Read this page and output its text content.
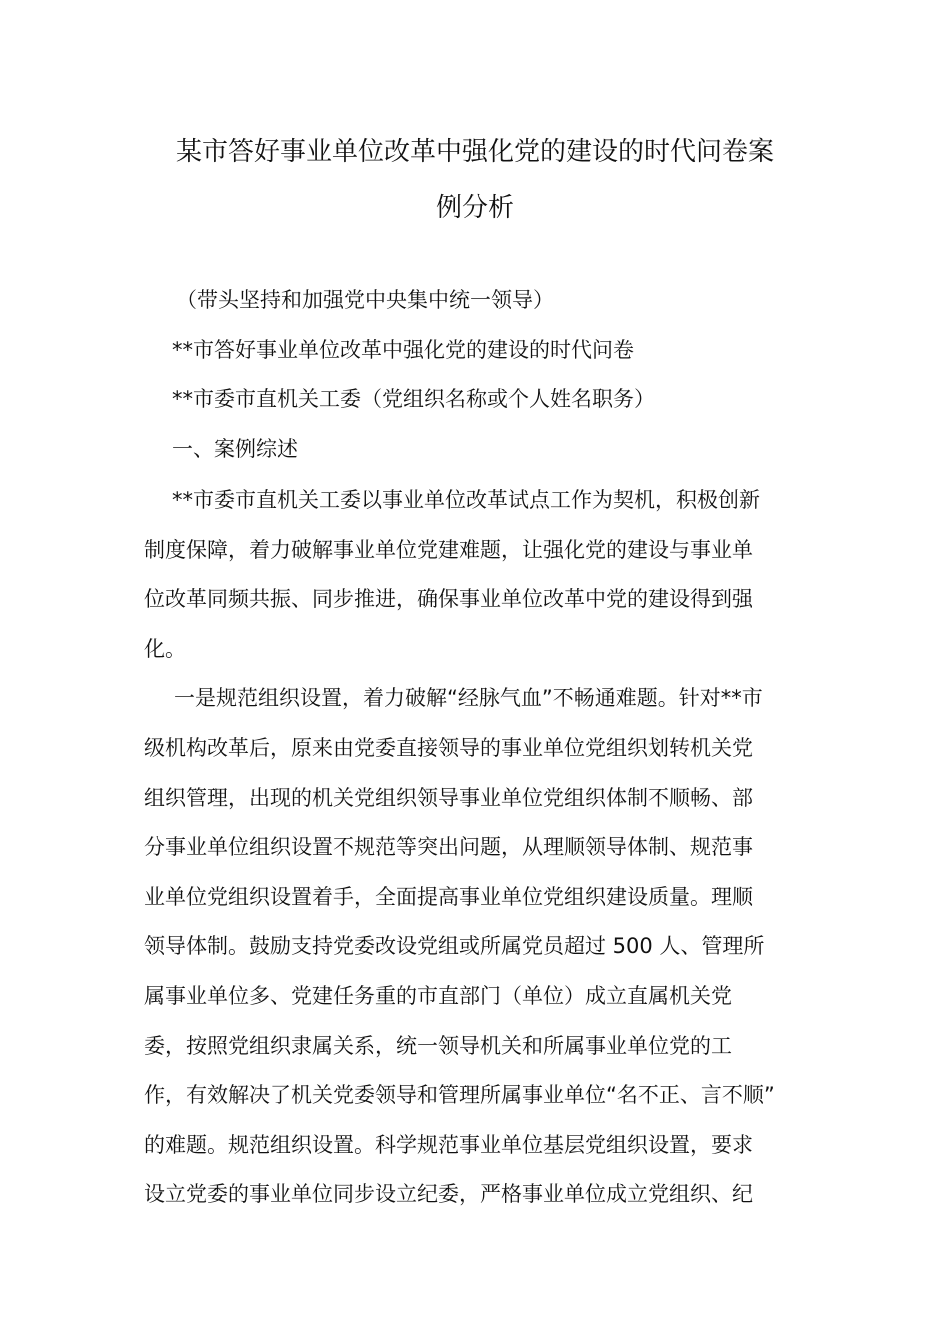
某市答好事业单位改革中强化党的建设的时代问卷案
例分析
（带头坚持和加强党中央集中统一领导）
**市答好事业单位改革中强化党的建设的时代问卷
**市委市直机关工委（党组织名称或个人姓名职务）
一、案例综述
**市委市直机关工委以事业单位改革试点工作为契机，积极创新
制度保障，着力破解事业单位党建难题，让强化党的建设与事业单
位改革同频共振、同步推进，确保事业单位改革中党的建设得到强
化。
一是规范组织设置，着力破解“经脉气血”不畅通难题。针对**市
级机构改革后，原来由党委直接领导的事业单位党组织划转机关党
组织管理，出现的机关党组织领导事业单位党组织体制不顺畅、部
分事业单位组织设置不规范等突出问题，从理顺领导体制、规范事
业单位党组织设置着手，全面提高事业单位党组织建设质量。理顺
领导体制。鼓励支持党委改设党组或所属党员超过 500 人、管理所
属事业单位多、党建任务重的市直部门（单位）成立直属机关党
委，按照党组织隶属关系，统一领导机关和所属事业单位党的工
作，有效解决了机关党委领导和管理所属事业单位“名不正、言不顺”
的难题。规范组织设置。科学规范事业单位基层党组织设置，要求
设立党委的事业单位同步设立纪委，严格事业单位成立党组织、纪
